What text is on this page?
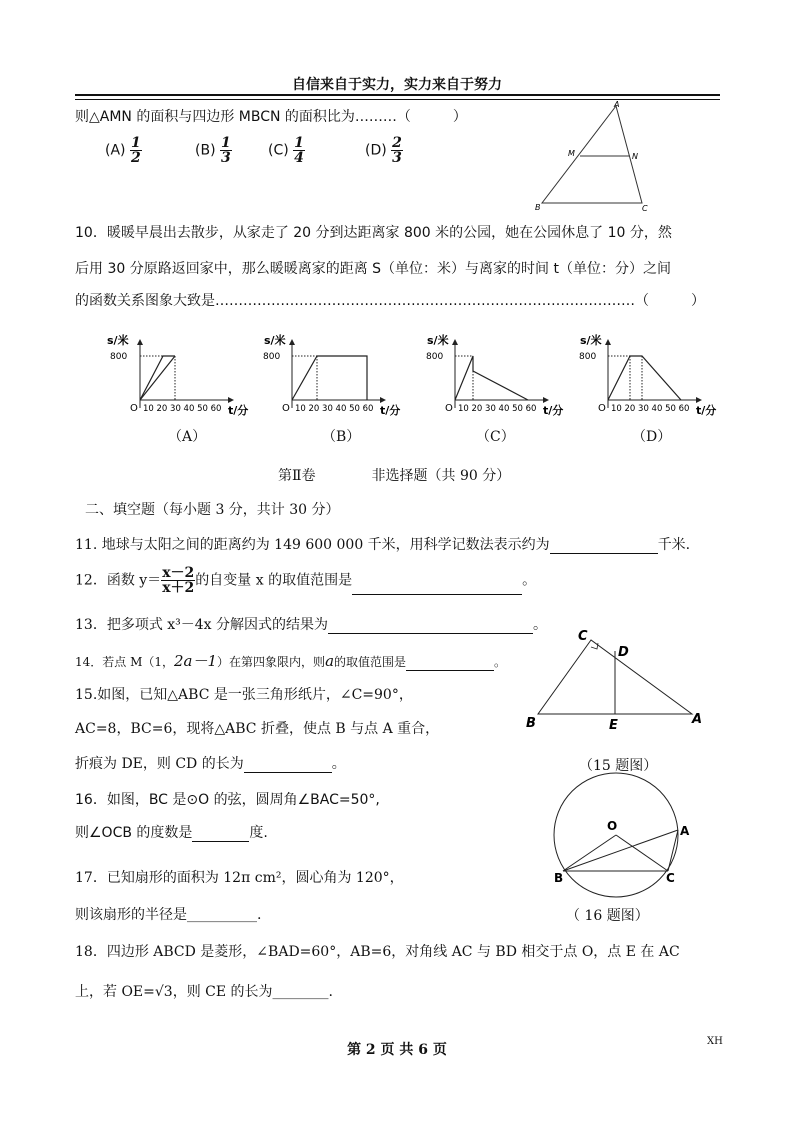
自信来自于实力，实力来自于努力
则△AMN 的面积与四边形 MBCN 的面积比为………（　　　）
$(A) \frac{1}{2}$	$(B) \frac{1}{3}$	$(C) \frac{1}{4}$	$(D) \frac{2}{3}$
A
M	N
B	C
10．暖暖早晨出去散步，从家走了 20 分到达距离家 800 米的公园，她在公园休息了 10 分，然
后用 30 分原路返回家中，那么暖暖离家的距离 S（单位：米）与离家的时间 t（单位：分）之间
的函数关系图象大致是………………………………………………………………………………（　　　）
s/米
800
O 10 20 30 40 50 60 t/分
（A）
s/米
800
O 10 20 30 40 50 60 t/分
（B）
s/米
800
O 10 20 30 40 50 60 t/分
（C）
s/米
800
O 10 20 30 40 50 60 t/分
（D）
第Ⅱ卷　　　　非选择题（共 90 分）
二、填空题（每小题 3 分，共计 30 分）
11. 地球与太阳之间的距离约为 149 600 000 千米，用科学记数法表示约为	千米.
12．函数 $y= \frac{x-2}{x+2}$ 的自变量 x 的取值范围是	。
13．把多项式 x³－4x 分解因式的结果为	。
14．若点 M（1，2a－1）在第四象限内，则a的取值范围是	。
15.如图，已知△ABC 是一张三角形纸片，∠C=90°，
AC=8，BC=6，现将△ABC 折叠，使点 B 与点 A 重合，
折痕为 DE，则 CD 的长为	。
C
D
B	E	A
（15 题图）
16．如图，BC 是⊙O 的弦，圆周角∠BAC=50°,
则∠OCB 的度数是	度.	O	A
B	C
（ 16 题图）
17．已知扇形的面积为 12π cm²，圆心角为 120°，
则该扇形的半径是__________.
18．四边形 ABCD 是菱形，∠BAD=60°，AB=6，对角线 AC 与 BD 相交于点 O，点 E 在 AC
上，若 OE=√3，则 CE 的长为________.
第 2 页 共 6 页
XH
